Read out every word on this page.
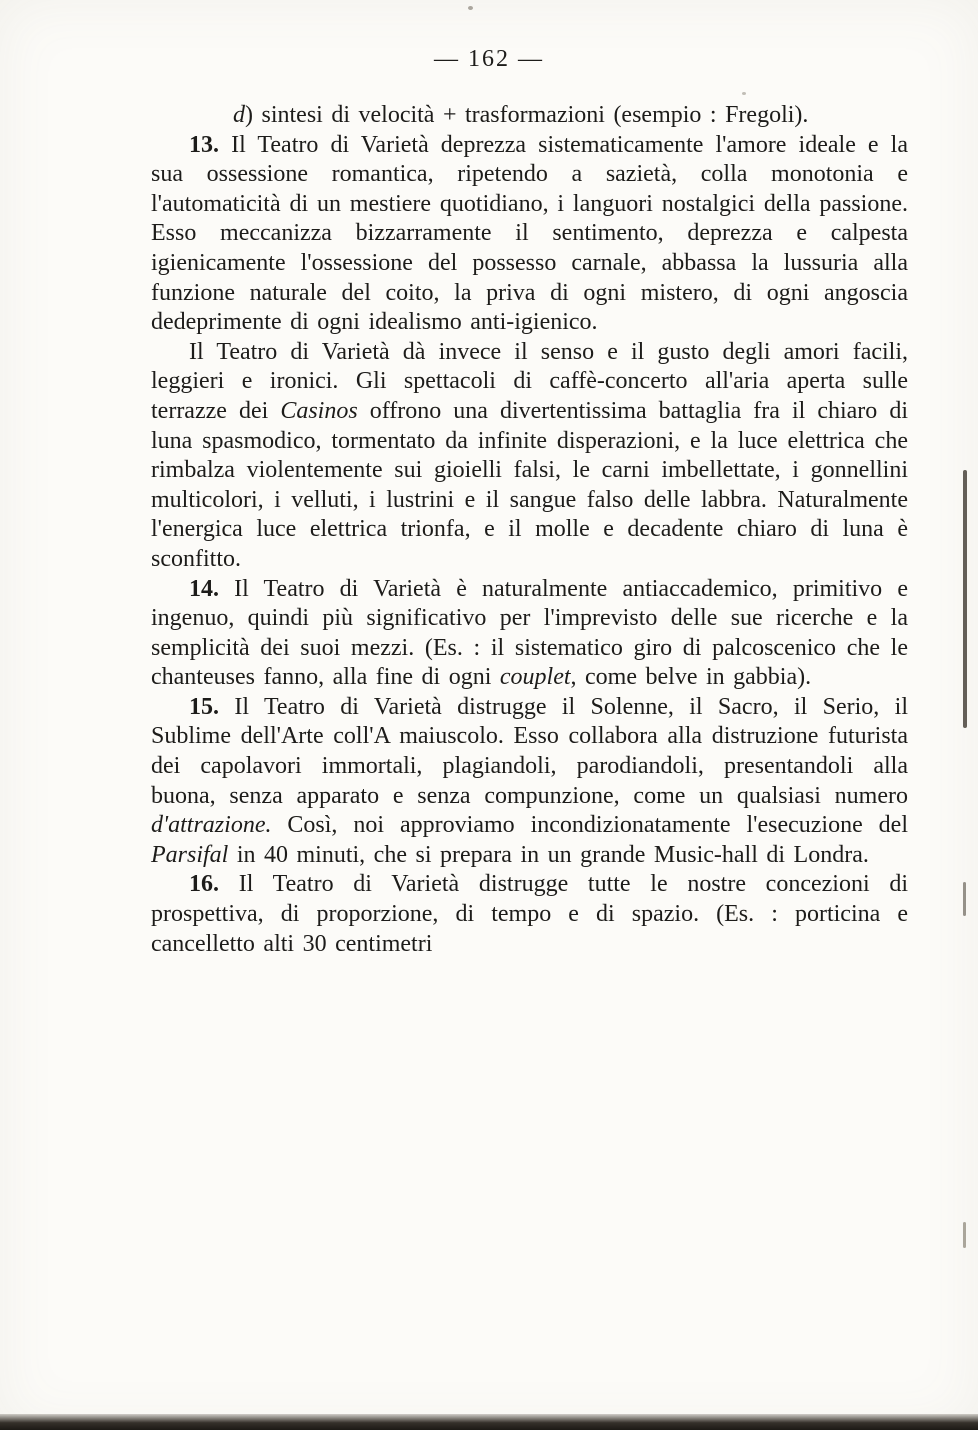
— 162 —

d) sintesi di velocità + trasformazioni (esempio : Fregoli).

13. Il Teatro di Varietà deprezza sistematicamente l'amore ideale e la sua ossessione romantica, ripetendo a sazietà, colla monotonia e l'automaticità di un mestiere quotidiano, i languori nostalgici della passione. Esso meccanizza bizzarramente il sentimento, deprezza e calpesta igienicamente l'ossessione del possesso carnale, abbassa la lussuria alla funzione naturale del coito, la priva di ogni mistero, di ogni angoscia dedeprimente di ogni idealismo anti-igienico.

Il Teatro di Varietà dà invece il senso e il gusto degli amori facili, leggieri e ironici. Gli spettacoli di caffè-concerto all'aria aperta sulle terrazze dei Casinos offrono una divertentissima battaglia fra il chiaro di luna spasmodico, tormentato da infinite disperazioni, e la luce elettrica che rimbalza violentemente sui gioielli falsi, le carni imbellettate, i gonnellini multicolori, i velluti, i lustrini e il sangue falso delle labbra. Naturalmente l'energica luce elettrica trionfa, e il molle e decadente chiaro di luna è sconfitto.

14. Il Teatro di Varietà è naturalmente antiaccademico, primitivo e ingenuo, quindi più significativo per l'imprevisto delle sue ricerche e la semplicità dei suoi mezzi. (Es. : il sistematico giro di palcoscenico che le chanteuses fanno, alla fine di ogni couplet, come belve in gabbia).

15. Il Teatro di Varietà distrugge il Solenne, il Sacro, il Serio, il Sublime dell'Arte coll'A maiuscolo. Esso collabora alla distruzione futurista dei capolavori immortali, plagiandoli, parodiandoli, presentandoli alla buona, senza apparato e senza compunzione, come un qualsiasi numero d'attrazione. Così, noi approviamo incondizionatamente l'esecuzione del Parsifal in 40 minuti, che si prepara in un grande Music-hall di Londra.

16. Il Teatro di Varietà distrugge tutte le nostre concezioni di prospettiva, di proporzione, di tempo e di spazio. (Es. : porticina e cancelletto alti 30 centimetri
